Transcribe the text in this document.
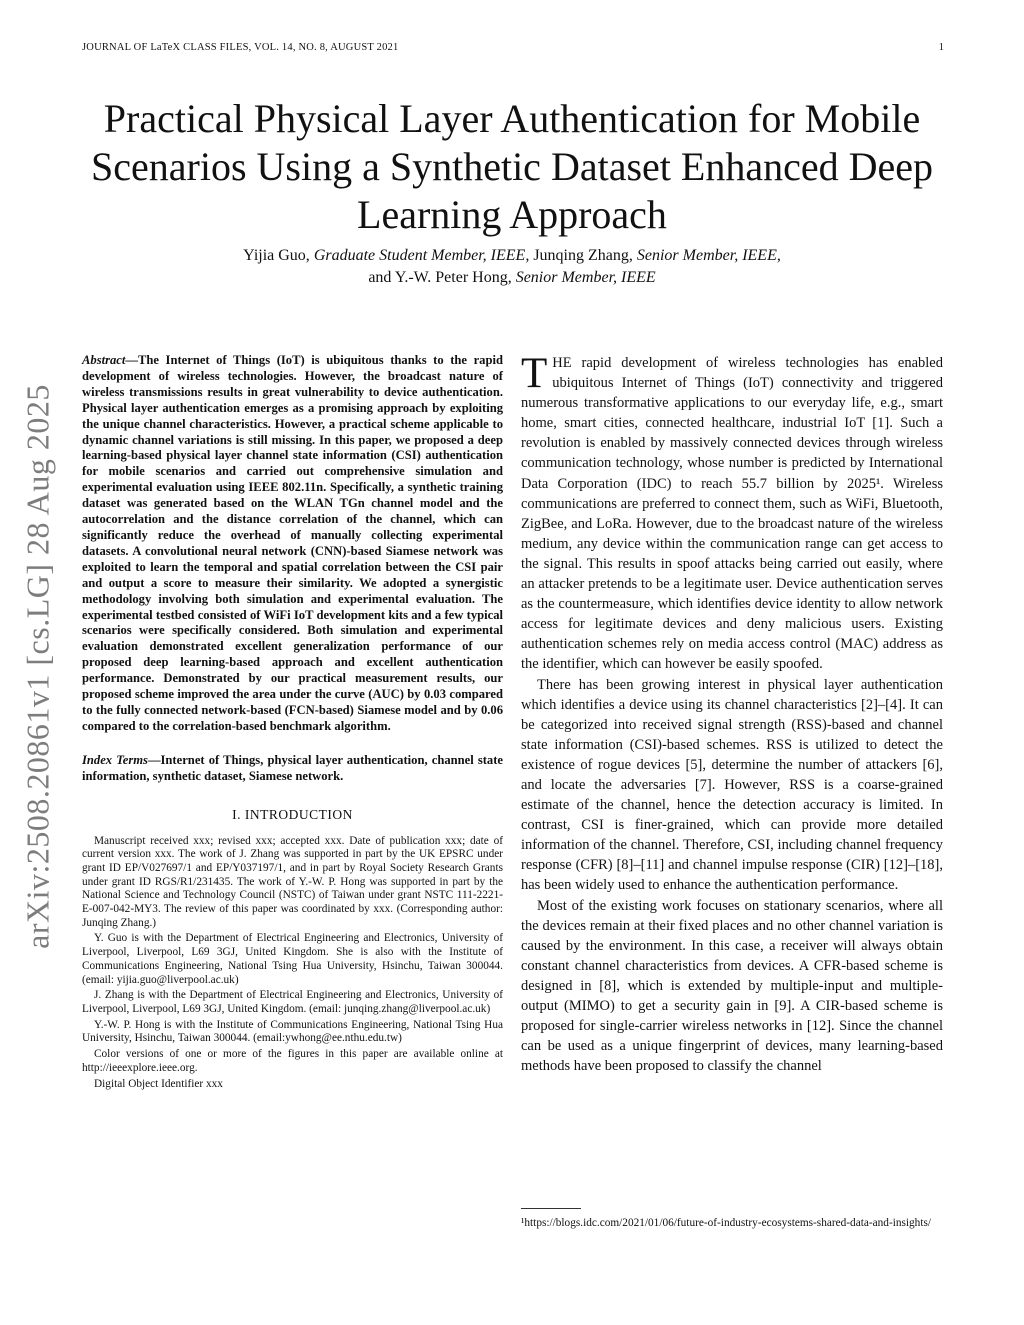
JOURNAL OF LaTeX CLASS FILES, VOL. 14, NO. 8, AUGUST 2021	1
Practical Physical Layer Authentication for Mobile Scenarios Using a Synthetic Dataset Enhanced Deep Learning Approach
Yijia Guo, Graduate Student Member, IEEE, Junqing Zhang, Senior Member, IEEE,
and Y.-W. Peter Hong, Senior Member, IEEE
arXiv:2508.20861v1 [cs.LG] 28 Aug 2025

Abstract—The Internet of Things (IoT) is ubiquitous thanks to the rapid development of wireless technologies. However, the broadcast nature of wireless transmissions results in great vulnerability to device authentication. Physical layer authentication emerges as a promising approach by exploiting the unique channel characteristics. However, a practical scheme applicable to dynamic channel variations is still missing. In this paper, we proposed a deep learning-based physical layer channel state information (CSI) authentication for mobile scenarios and carried out comprehensive simulation and experimental evaluation using IEEE 802.11n. Specifically, a synthetic training dataset was generated based on the WLAN TGn channel model and the autocorrelation and the distance correlation of the channel, which can significantly reduce the overhead of manually collecting experimental datasets. A convolutional neural network (CNN)-based Siamese network was exploited to learn the temporal and spatial correlation between the CSI pair and output a score to measure their similarity. We adopted a synergistic methodology involving both simulation and experimental evaluation. The experimental testbed consisted of WiFi IoT development kits and a few typical scenarios were specifically considered. Both simulation and experimental evaluation demonstrated excellent generalization performance of our proposed deep learning-based approach and excellent authentication performance. Demonstrated by our practical measurement results, our proposed scheme improved the area under the curve (AUC) by 0.03 compared to the fully connected network-based (FCN-based) Siamese model and by 0.06 compared to the correlation-based benchmark algorithm.

Index Terms—Internet of Things, physical layer authentication, channel state information, synthetic dataset, Siamese network.

I. INTRODUCTION

Manuscript received xxx; revised xxx; accepted xxx. Date of publication xxx; date of current version xxx. The work of J. Zhang was supported in part by the UK EPSRC under grant ID EP/V027697/1 and EP/Y037197/1, and in part by Royal Society Research Grants under grant ID RGS/R1/231435. The work of Y.-W. P. Hong was supported in part by the National Science and Technology Council (NSTC) of Taiwan under grant NSTC 111-2221-E-007-042-MY3. The review of this paper was coordinated by xxx. (Corresponding author: Junqing Zhang.)

Y. Guo is with the Department of Electrical Engineering and Electronics, University of Liverpool, Liverpool, L69 3GJ, United Kingdom. She is also with the Institute of Communications Engineering, National Tsing Hua University, Hsinchu, Taiwan 300044. (email: yijia.guo@liverpool.ac.uk)

J. Zhang is with the Department of Electrical Engineering and Electronics, University of Liverpool, Liverpool, L69 3GJ, United Kingdom. (email: junqing.zhang@liverpool.ac.uk)

Y.-W. P. Hong is with the Institute of Communications Engineering, National Tsing Hua University, Hsinchu, Taiwan 300044. (email:ywhong@ee.nthu.edu.tw)

Color versions of one or more of the figures in this paper are available online at http://ieeexplore.ieee.org.

Digital Object Identifier xxx

THE rapid development of wireless technologies has enabled ubiquitous Internet of Things (IoT) connectivity and triggered numerous transformative applications to our everyday life, e.g., smart home, smart cities, connected healthcare, industrial IoT [1]. Such a revolution is enabled by massively connected devices through wireless communication technology, whose number is predicted by International Data Corporation (IDC) to reach 55.7 billion by 2025¹. Wireless communications are preferred to connect them, such as WiFi, Bluetooth, ZigBee, and LoRa. However, due to the broadcast nature of the wireless medium, any device within the communication range can get access to the signal. This results in spoof attacks being carried out easily, where an attacker pretends to be a legitimate user. Device authentication serves as the countermeasure, which identifies device identity to allow network access for legitimate devices and deny malicious users. Existing authentication schemes rely on media access control (MAC) address as the identifier, which can however be easily spoofed.

There has been growing interest in physical layer authentication which identifies a device using its channel characteristics [2]–[4]. It can be categorized into received signal strength (RSS)-based and channel state information (CSI)-based schemes. RSS is utilized to detect the existence of rogue devices [5], determine the number of attackers [6], and locate the adversaries [7]. However, RSS is a coarse-grained estimate of the channel, hence the detection accuracy is limited. In contrast, CSI is finer-grained, which can provide more detailed information of the channel. Therefore, CSI, including channel frequency response (CFR) [8]–[11] and channel impulse response (CIR) [12]–[18], has been widely used to enhance the authentication performance.

Most of the existing work focuses on stationary scenarios, where all the devices remain at their fixed places and no other channel variation is caused by the environment. In this case, a receiver will always obtain constant channel characteristics from devices. A CFR-based scheme is designed in [8], which is extended by multiple-input and multiple-output (MIMO) to get a security gain in [9]. A CIR-based scheme is proposed for single-carrier wireless networks in [12]. Since the channel can be used as a unique fingerprint of devices, many learning-based methods have been proposed to classify the channel

¹https://blogs.idc.com/2021/01/06/future-of-industry-ecosystems-shared-data-and-insights/
